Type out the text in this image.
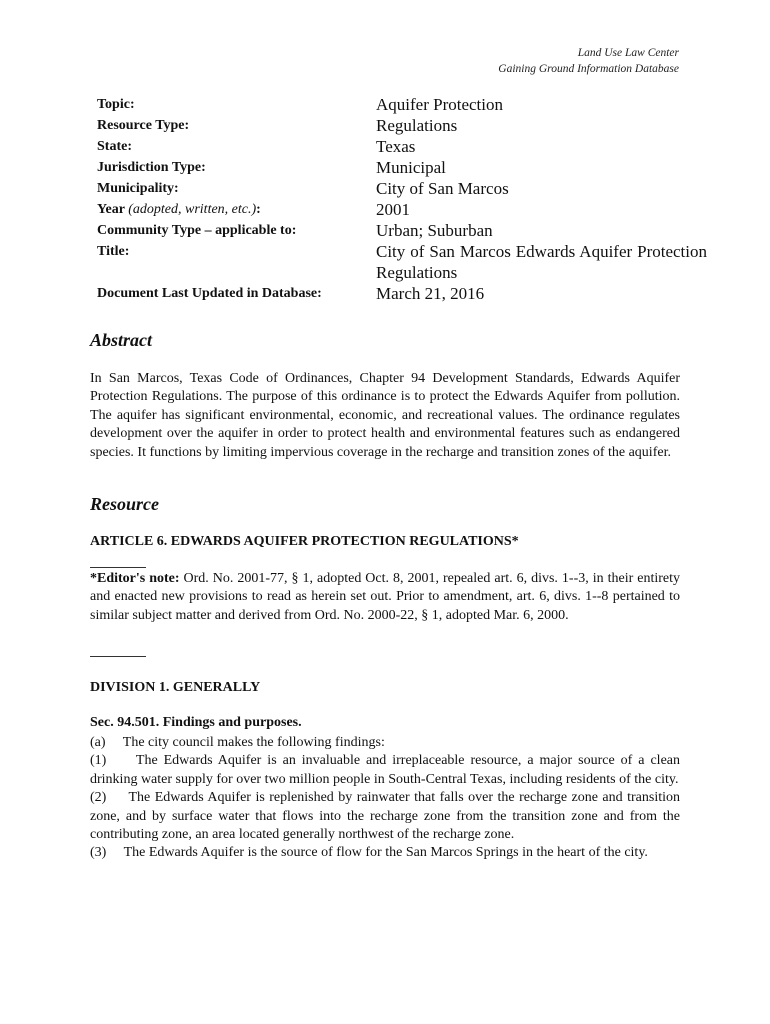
Land Use Law Center
Gaining Ground Information Database
Topic:	Aquifer Protection
Resource Type:	Regulations
State:	Texas
Jurisdiction Type:	Municipal
Municipality:	City of San Marcos
Year (adopted, written, etc.):	2001
Community Type – applicable to:	Urban; Suburban
Title:	City of San Marcos Edwards Aquifer Protection Regulations
Document Last Updated in Database:	March 21, 2016
Abstract
In San Marcos, Texas Code of Ordinances, Chapter 94 Development Standards, Edwards Aquifer Protection Regulations. The purpose of this ordinance is to protect the Edwards Aquifer from pollution. The aquifer has significant environmental, economic, and recreational values. The ordinance regulates development over the aquifer in order to protect health and environmental features such as endangered species. It functions by limiting impervious coverage in the recharge and transition zones of the aquifer.
Resource
ARTICLE 6. EDWARDS AQUIFER PROTECTION REGULATIONS*
*Editor's note: Ord. No. 2001-77, § 1, adopted Oct. 8, 2001, repealed art. 6, divs. 1--3, in their entirety and enacted new provisions to read as herein set out. Prior to amendment, art. 6, divs. 1--8 pertained to similar subject matter and derived from Ord. No. 2000-22, § 1, adopted Mar. 6, 2000.
DIVISION 1. GENERALLY
Sec. 94.501. Findings and purposes.

(a)     The city council makes the following findings:

(1)     The Edwards Aquifer is an invaluable and irreplaceable resource, a major source of a clean drinking water supply for over two million people in South-Central Texas, including residents of the city.

(2)     The Edwards Aquifer is replenished by rainwater that falls over the recharge zone and transition zone, and by surface water that flows into the recharge zone from the transition zone and from the contributing zone, an area located generally northwest of the recharge zone.

(3)     The Edwards Aquifer is the source of flow for the San Marcos Springs in the heart of the city.
